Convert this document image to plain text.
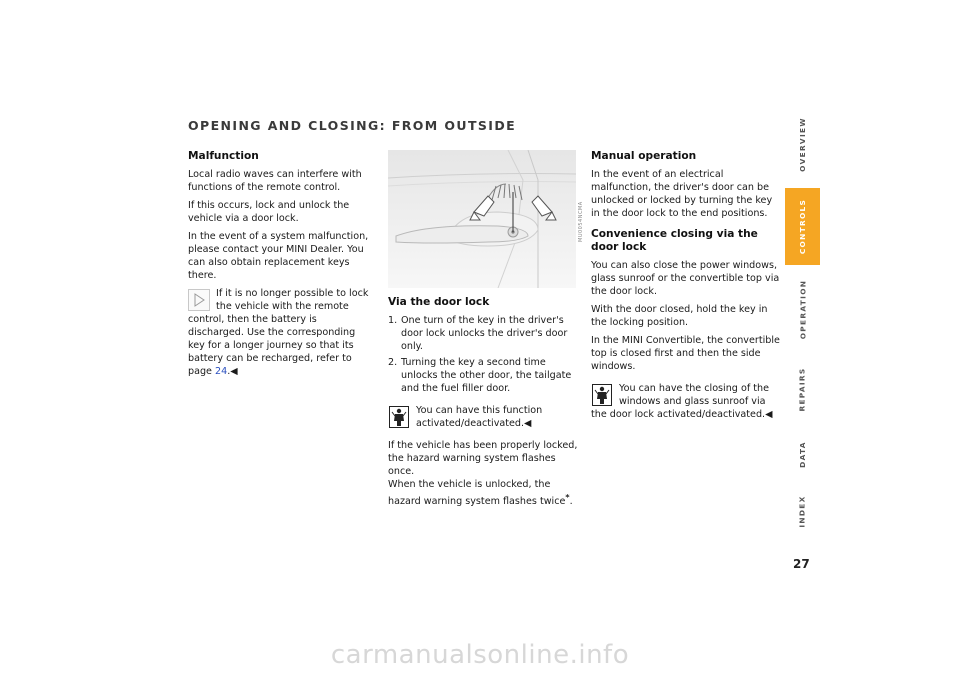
OPENING AND CLOSING: FROM OUTSIDE
Malfunction

Local radio waves can interfere with functions of the remote control.

If this occurs, lock and unlock the vehicle via a door lock.

In the event of a system malfunction, please contact your MINI Dealer. You can also obtain replacement keys there.

If it is no longer possible to lock the vehicle with the remote control, then the battery is discharged. Use the corresponding key for a longer journey so that its battery can be recharged, refer to page 24.◀
MU0054NCMA
Via the door lock
1. One turn of the key in the driver's door lock unlocks the driver's door only.
2. Turning the key a second time unlocks the other door, the tailgate and the fuel filler door.
You can have this function activated/deactivated.◀

If the vehicle has been properly locked, the hazard warning system flashes once.

When the vehicle is unlocked, the hazard warning system flashes twice*.

Manual operation

In the event of an electrical malfunction, the driver's door can be unlocked or locked by turning the key in the door lock to the end positions.

Convenience closing via the door lock

You can also close the power windows, glass sunroof or the convertible top via the door lock.

With the door closed, hold the key in the locking position.

In the MINI Convertible, the convertible top is closed first and then the side windows.

You can have the closing of the windows and glass sunroof via the door lock activated/deactivated.◀
OVERVIEW
CONTROLS
OPERATION
REPAIRS
DATA
INDEX
27
carmanualsonline.info
